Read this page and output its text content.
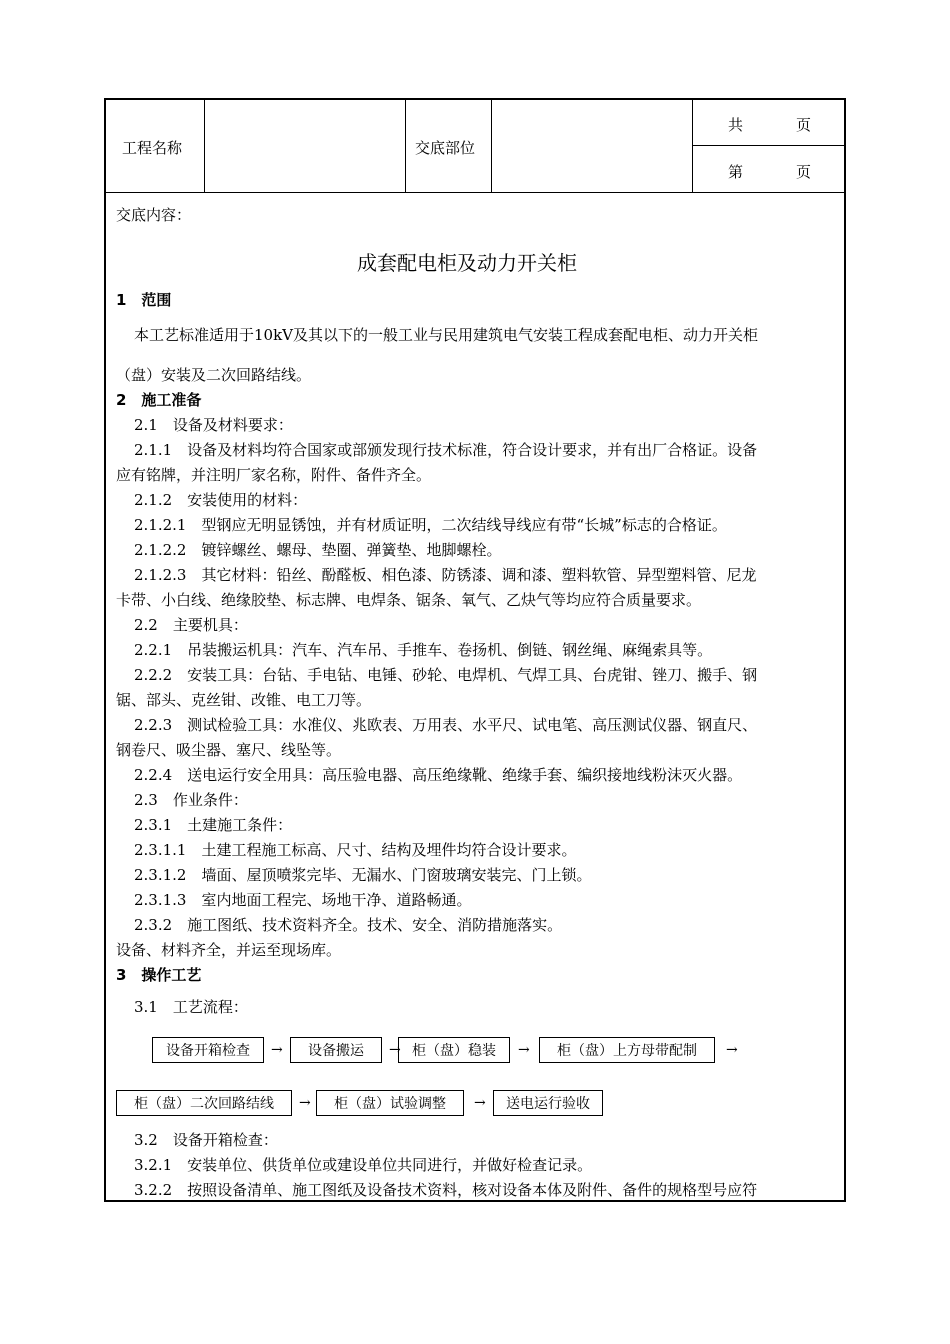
工程名称	交底部位
共	页
第	页
交底内容：
成套配电柜及动力开关柜
1　范围
本工艺标准适用于10kV及其以下的一般工业与民用建筑电气安装工程成套配电柜、动力开关柜
（盘）安装及二次回路结线。
2　施工准备
2.1　设备及材料要求：
2.1.1　设备及材料均符合国家或部颁发现行技术标准，符合设计要求，并有出厂合格证。设备
应有铭牌，并注明厂家名称，附件、备件齐全。
2.1.2　安装使用的材料：
2.1.2.1　型钢应无明显锈蚀，并有材质证明，二次结线导线应有带“长城”标志的合格证。
2.1.2.2　镀锌螺丝、螺母、垫圈、弹簧垫、地脚螺栓。
2.1.2.3　其它材料：铅丝、酚醛板、相色漆、防锈漆、调和漆、塑料软管、异型塑料管、尼龙
卡带、小白线、绝缘胶垫、标志牌、电焊条、锯条、氧气、乙炔气等均应符合质量要求。
2.2　主要机具：
2.2.1　吊装搬运机具：汽车、汽车吊、手推车、卷扬机、倒链、钢丝绳、麻绳索具等。
2.2.2　安装工具：台钻、手电钻、电锤、砂轮、电焊机、气焊工具、台虎钳、锉刀、搬手、钢
锯、部头、克丝钳、改锥、电工刀等。
2.2.3　测试检验工具：水准仪、兆欧表、万用表、水平尺、试电笔、高压测试仪器、钢直尺、
钢卷尺、吸尘器、塞尺、线坠等。
2.2.4　送电运行安全用具：高压验电器、高压绝缘靴、绝缘手套、编织接地线粉沫灭火器。
2.3　作业条件：
2.3.1　土建施工条件：
2.3.1.1　土建工程施工标高、尺寸、结构及埋件均符合设计要求。
2.3.1.2　墙面、屋顶喷浆完毕、无漏水、门窗玻璃安装完、门上锁。
2.3.1.3　室内地面工程完、场地干净、道路畅通。
2.3.2　施工图纸、技术资料齐全。技术、安全、消防措施落实。
设备、材料齐全，并运至现场库。
3　操作工艺
3.1　工艺流程：
设备开箱检查	→	设备搬运	→ 柜（盘）稳装	→	柜（盘）上方母带配制	→
柜（盘）二次回路结线	→	柜（盘）试验调整	→	送电运行验收
3.2　设备开箱检查：
3.2.1　安装单位、供货单位或建设单位共同进行，并做好检查记录。
3.2.2　按照设备清单、施工图纸及设备技术资料，核对设备本体及附件、备件的规格型号应符
